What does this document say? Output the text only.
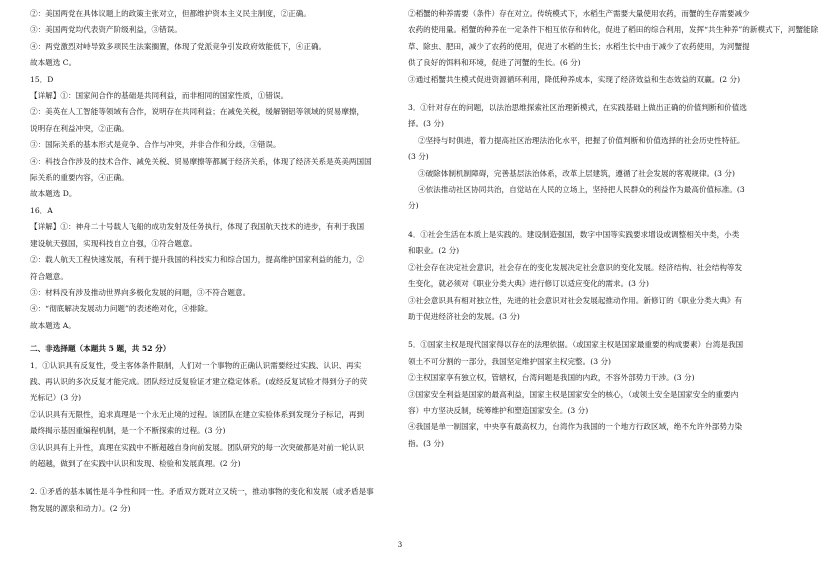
②：美国两党在具体议题上的政策主张对立，但都维护资本主义民主制度，②正确。
③：美国两党均代表资产阶级利益，③错误。
④：两党激烈对峙导致多项民生法案搁置，体现了党派竞争引发政府效能低下，④正确。
故本题选 C。
15．D
【详解】①：国家间合作的基础是共同利益，而非相同的国家性质，①错误。
②：美英在人工智能等领域有合作，说明存在共同利益；在减免关税，缓解钢铝等领域的贸易摩擦，
说明存在利益冲突，②正确。
③：国际关系的基本形式是竞争、合作与冲突，并非合作和分歧，③错误。
④：科技合作涉及的技术合作、减免关税、贸易摩擦等都属于经济关系，体现了经济关系是英美两国国
际关系的重要内容，④正确。
故本题选 D。
16．A
【详解】①：神舟二十号载人飞船的成功发射及任务执行，体现了我国航天技术的进步，有利于我国
建设航天强国，实现科技自立自强，①符合题意。
②：载人航天工程快速发展，有利于提升我国的科技实力和综合国力，提高维护国家利益的能力，②
符合题意。
③：材料没有涉及推动世界向多极化发展的问题，③不符合题意。
④：“彻底解决发展动力问题”的表述绝对化，④排除。
故本题选 A。
二、非选择题（本题共 5 题，共 52 分）
1．①认识具有反复性，受主客体条件限制，人们对一个事物的正确认识需要经过实践、认识、再实
践、再认识的多次反复才能完成。团队经过反复验证才建立稳定体系。(或经反复试验才得到分子的荧
光标记）(3 分)
②认识具有无限性，追求真理是一个永无止境的过程。该团队在建立实验体系到发现分子标记，再到
最终揭示基因重编程机制，是一个不断探索的过程。(3 分)
③认识具有上升性，真理在实践中不断超越自身向前发展。团队研究的每一次突破都是对前一轮认识
的超越，做到了在实践中认识和发现、检验和发展真理。(2 分)
2. ①矛盾的基本属性是斗争性和同一性。矛盾双方既对立又统一，推动事物的变化和发展（或矛盾是事
物发展的源泉和动力）。(2 分)
②稻蟹的种养需要（条件）存在对立。传统模式下，水稻生产需要大量使用农药，而蟹的生存需要减少
农药的使用量。稻蟹的种养在一定条件下相互依存和转化，促进了稻田的综合利用，发挥“共生种养”的新模式下，河蟹能除
草、除虫、肥田，减少了农药的使用，促进了水稻的生长；水稻生长中由于减少了农药使用，为河蟹提
供了良好的饵料和环境，促进了河蟹的生长。(6 分)
③通过稻蟹共生模式促进资源循环利用，降低种养成本，实现了经济效益和生态效益的双赢。(2 分)
3．①针对存在的问题，以法治思维探索社区治理新模式，在实践基础上做出正确的价值判断和价值选
择。(3 分)
②坚持与时俱进，着力提高社区治理法治化水平，把握了价值判断和价值选择的社会历史性特征。
(3 分)
③破除体制机制障碍，完善基层法治体系，改革上层建筑，遵循了社会发展的客观规律。(3 分)
④依法推动社区协同共治，自觉站在人民的立场上，坚持把人民群众的利益作为最高价值标准。(3
分)
4．①社会生活在本质上是实践的。建设制造强国，数字中国等实践要求增设或调整相关中类，小类
和职业。(2 分)
②社会存在决定社会意识，社会存在的变化发展决定社会意识的变化发展。经济结构、社会结构等发
生变化，就必须对《职业分类大典》进行修订以适应变化的需求。(3 分)
③社会意识具有相对独立性，先进的社会意识对社会发展起推动作用。新修订的《职业分类大典》有
助于促进经济社会的发展。(3 分)
5．①国家主权是现代国家得以存在的法理依据。（或国家主权是国家最重要的构成要素）台湾是我国
领土不可分割的一部分，我国坚定维护国家主权完整。(3 分)
②主权国家享有独立权，管辖权，台湾问题是我国的内政，不容外部势力干涉。(3 分)
③国家安全利益是国家的最高利益，国家主权是国家安全的核心，（或领土安全是国家安全的重要内
容）中方坚决反制，统筹维护和塑造国家安全。(3 分)
④我国是单一制国家，中央享有最高权力，台湾作为我国的一个地方行政区域，绝不允许外部势力染
指。(3 分)
3
